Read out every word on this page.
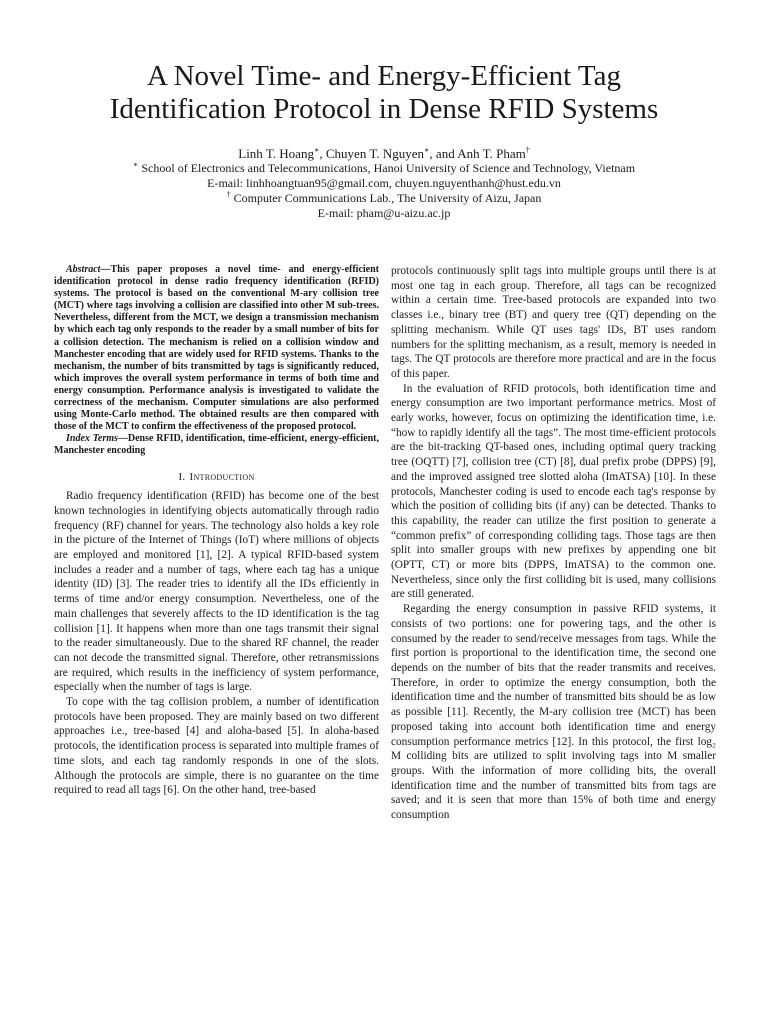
A Novel Time- and Energy-Efficient Tag
Identification Protocol in Dense RFID Systems
Linh T. Hoang∗, Chuyen T. Nguyen∗, and Anh T. Pham†
∗ School of Electronics and Telecommunications, Hanoi University of Science and Technology, Vietnam
E-mail: linhhoangtuan95@gmail.com, chuyen.nguyenthanh@hust.edu.vn
† Computer Communications Lab., The University of Aizu, Japan
E-mail: pham@u-aizu.ac.jp

Abstract—This paper proposes a novel time- and energy-efficient identification protocol in dense radio frequency identification (RFID) systems. The protocol is based on the conventional M-ary collision tree (MCT) where tags involving a collision are classified into other M sub-trees. Nevertheless, different from the MCT, we design a transmission mechanism by which each tag only responds to the reader by a small number of bits for a collision detection. The mechanism is relied on a collision window and Manchester encoding that are widely used for RFID systems. Thanks to the mechanism, the number of bits transmitted by tags is significantly reduced, which improves the overall system performance in terms of both time and energy consumption. Performance analysis is investigated to validate the correctness of the mechanism. Computer simulations are also performed using Monte-Carlo method. The obtained results are then compared with those of the MCT to confirm the effectiveness of the proposed protocol.

Index Terms—Dense RFID, identification, time-efficient, energy-efficient, Manchester encoding

I. Introduction

Radio frequency identification (RFID) has become one of the best known technologies in identifying objects automatically through radio frequency (RF) channel for years. The technology also holds a key role in the picture of the Internet of Things (IoT) where millions of objects are employed and monitored [1], [2]. A typical RFID-based system includes a reader and a number of tags, where each tag has a unique identity (ID) [3]. The reader tries to identify all the IDs efficiently in terms of time and/or energy consumption. Nevertheless, one of the main challenges that severely affects to the ID identification is the tag collision [1]. It happens when more than one tags transmit their signal to the reader simultaneously. Due to the shared RF channel, the reader can not decode the transmitted signal. Therefore, other retransmissions are required, which results in the inefficiency of system performance, especially when the number of tags is large.

To cope with the tag collision problem, a number of identification protocols have been proposed. They are mainly based on two different approaches i.e., tree-based [4] and aloha-based [5]. In aloha-based protocols, the identification process is separated into multiple frames of time slots, and each tag randomly responds in one of the slots. Although the protocols are simple, there is no guarantee on the time required to read all tags [6]. On the other hand, tree-based

protocols continuously split tags into multiple groups until there is at most one tag in each group. Therefore, all tags can be recognized within a certain time. Tree-based protocols are expanded into two classes i.e., binary tree (BT) and query tree (QT) depending on the splitting mechanism. While QT uses tags' IDs, BT uses random numbers for the splitting mechanism, as a result, memory is needed in tags. The QT protocols are therefore more practical and are in the focus of this paper.

In the evaluation of RFID protocols, both identification time and energy consumption are two important performance metrics. Most of early works, however, focus on optimizing the identification time, i.e. “how to rapidly identify all the tags”. The most time-efficient protocols are the bit-tracking QT-based ones, including optimal query tracking tree (OQTT) [7], collision tree (CT) [8], dual prefix probe (DPPS) [9], and the improved assigned tree slotted aloha (ImATSA) [10]. In these protocols, Manchester coding is used to encode each tag's response by which the position of colliding bits (if any) can be detected. Thanks to this capability, the reader can utilize the first position to generate a “common prefix” of corresponding colliding tags. Those tags are then split into smaller groups with new prefixes by appending one bit (OPTT, CT) or more bits (DPPS, ImATSA) to the common one. Nevertheless, since only the first colliding bit is used, many collisions are still generated.

Regarding the energy consumption in passive RFID systems, it consists of two portions: one for powering tags, and the other is consumed by the reader to send/receive messages from tags. While the first portion is proportional to the identification time, the second one depends on the number of bits that the reader transmits and receives. Therefore, in order to optimize the energy consumption, both the identification time and the number of transmitted bits should be as low as possible [11]. Recently, the M-ary collision tree (MCT) has been proposed taking into account both identification time and energy consumption performance metrics [12]. In this protocol, the first log₂ M colliding bits are utilized to split involving tags into M smaller groups. With the information of more colliding bits, the overall identification time and the number of transmitted bits from tags are saved; and it is seen that more than 15% of both time and energy consumption
